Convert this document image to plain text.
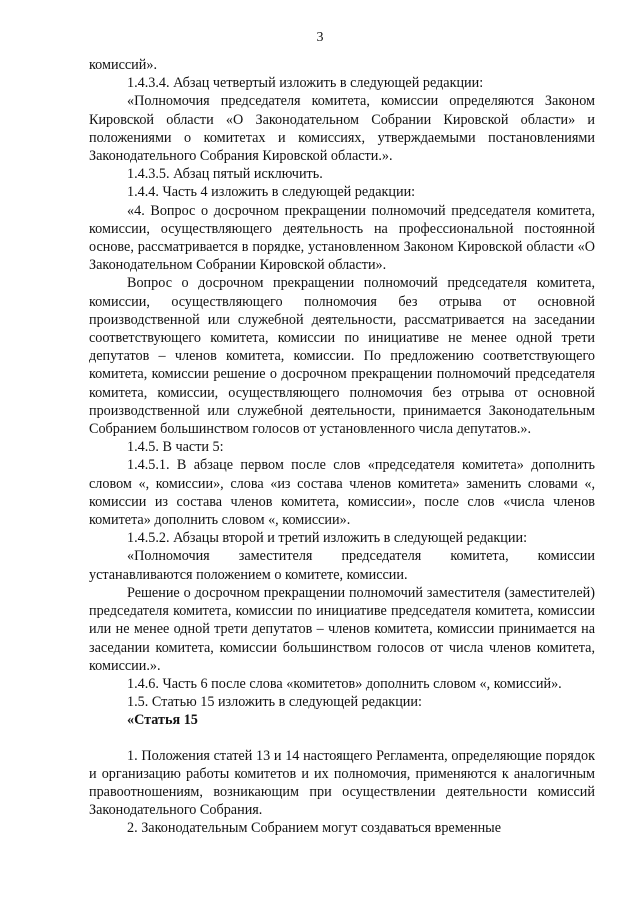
3

комиссий».

1.4.3.4. Абзац четвертый изложить в следующей редакции:

«Полномочия председателя комитета, комиссии определяются Законом Кировской области «О Законодательном Собрании Кировской области» и положениями о комитетах и комиссиях, утверждаемыми постановлениями Законодательного Собрания Кировской области.».

1.4.3.5. Абзац пятый исключить.

1.4.4. Часть 4 изложить в следующей редакции:

«4. Вопрос о досрочном прекращении полномочий председателя комитета, комиссии, осуществляющего деятельность на профессиональной постоянной основе, рассматривается в порядке, установленном Законом Кировской области «О Законодательном Собрании Кировской области».

Вопрос о досрочном прекращении полномочий председателя комитета, комиссии, осуществляющего полномочия без отрыва от основной производственной или служебной деятельности, рассматривается на заседании соответствующего комитета, комиссии по инициативе не менее одной трети депутатов – членов комитета, комиссии. По предложению соответствующего комитета, комиссии решение о досрочном прекращении полномочий председателя комитета, комиссии, осуществляющего полномочия без отрыва от основной производственной или служебной деятельности, принимается Законодательным Собранием большинством голосов от установленного числа депутатов.».

1.4.5. В части 5:

1.4.5.1. В абзаце первом после слов «председателя комитета» дополнить словом «, комиссии», слова «из состава членов комитета» заменить словами «, комиссии из состава членов комитета, комиссии», после слов «числа членов комитета» дополнить словом «, комиссии».

1.4.5.2. Абзацы второй и третий изложить в следующей редакции:

«Полномочия заместителя председателя комитета, комиссии устанавливаются положением о комитете, комиссии.

Решение о досрочном прекращении полномочий заместителя (заместителей) председателя комитета, комиссии по инициативе председателя комитета, комиссии или не менее одной трети депутатов – членов комитета, комиссии принимается на заседании комитета, комиссии большинством голосов от числа членов комитета, комиссии.».

1.4.6. Часть 6 после слова «комитетов» дополнить словом «, комиссий».

1.5. Статью 15 изложить в следующей редакции:

«Статья 15

1. Положения статей 13 и 14 настоящего Регламента, определяющие порядок и организацию работы комитетов и их полномочия, применяются к аналогичным правоотношениям, возникающим при осуществлении деятельности комиссий Законодательного Собрания.

2. Законодательным Собранием могут создаваться временные
